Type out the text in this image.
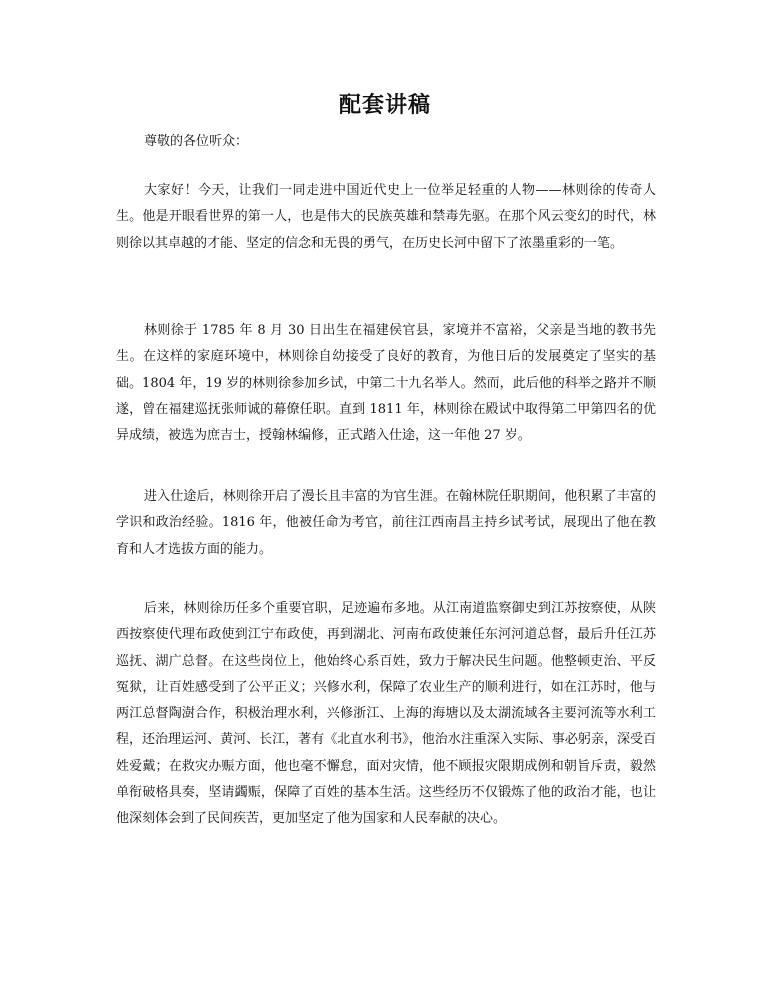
配套讲稿

尊敬的各位听众：

大家好！今天，让我们一同走进中国近代史上一位举足轻重的人物——林则徐的传奇人生。他是开眼看世界的第一人，也是伟大的民族英雄和禁毒先驱。在那个风云变幻的时代，林则徐以其卓越的才能、坚定的信念和无畏的勇气，在历史长河中留下了浓墨重彩的一笔。

林则徐于 1785 年 8 月 30 日出生在福建侯官县，家境并不富裕，父亲是当地的教书先生。在这样的家庭环境中，林则徐自幼接受了良好的教育，为他日后的发展奠定了坚实的基础。1804 年，19 岁的林则徐参加乡试，中第二十九名举人。然而，此后他的科举之路并不顺遂，曾在福建巡抚张师诚的幕僚任职。直到 1811 年，林则徐在殿试中取得第二甲第四名的优异成绩，被选为庶吉士，授翰林编修，正式踏入仕途，这一年他 27 岁。

进入仕途后，林则徐开启了漫长且丰富的为官生涯。在翰林院任职期间，他积累了丰富的学识和政治经验。1816 年，他被任命为考官，前往江西南昌主持乡试考试，展现出了他在教育和人才选拔方面的能力。

后来，林则徐历任多个重要官职，足迹遍布多地。从江南道监察御史到江苏按察使，从陕西按察使代理布政使到江宁布政使，再到湖北、河南布政使兼任东河河道总督，最后升任江苏巡抚、湖广总督。在这些岗位上，他始终心系百姓，致力于解决民生问题。他整顿吏治、平反冤狱，让百姓感受到了公平正义；兴修水利，保障了农业生产的顺利进行，如在江苏时，他与两江总督陶澍合作，积极治理水利，兴修浙江、上海的海塘以及太湖流域各主要河流等水利工程，还治理运河、黄河、长江，著有《北直水利书》，他治水注重深入实际、事必躬亲，深受百姓爱戴；在救灾办赈方面，他也毫不懈怠，面对灾情，他不顾报灾限期成例和朝旨斥责，毅然单衔破格具奏，坚请蠲赈，保障了百姓的基本生活。这些经历不仅锻炼了他的政治才能，也让他深刻体会到了民间疾苦，更加坚定了他为国家和人民奉献的决心。
